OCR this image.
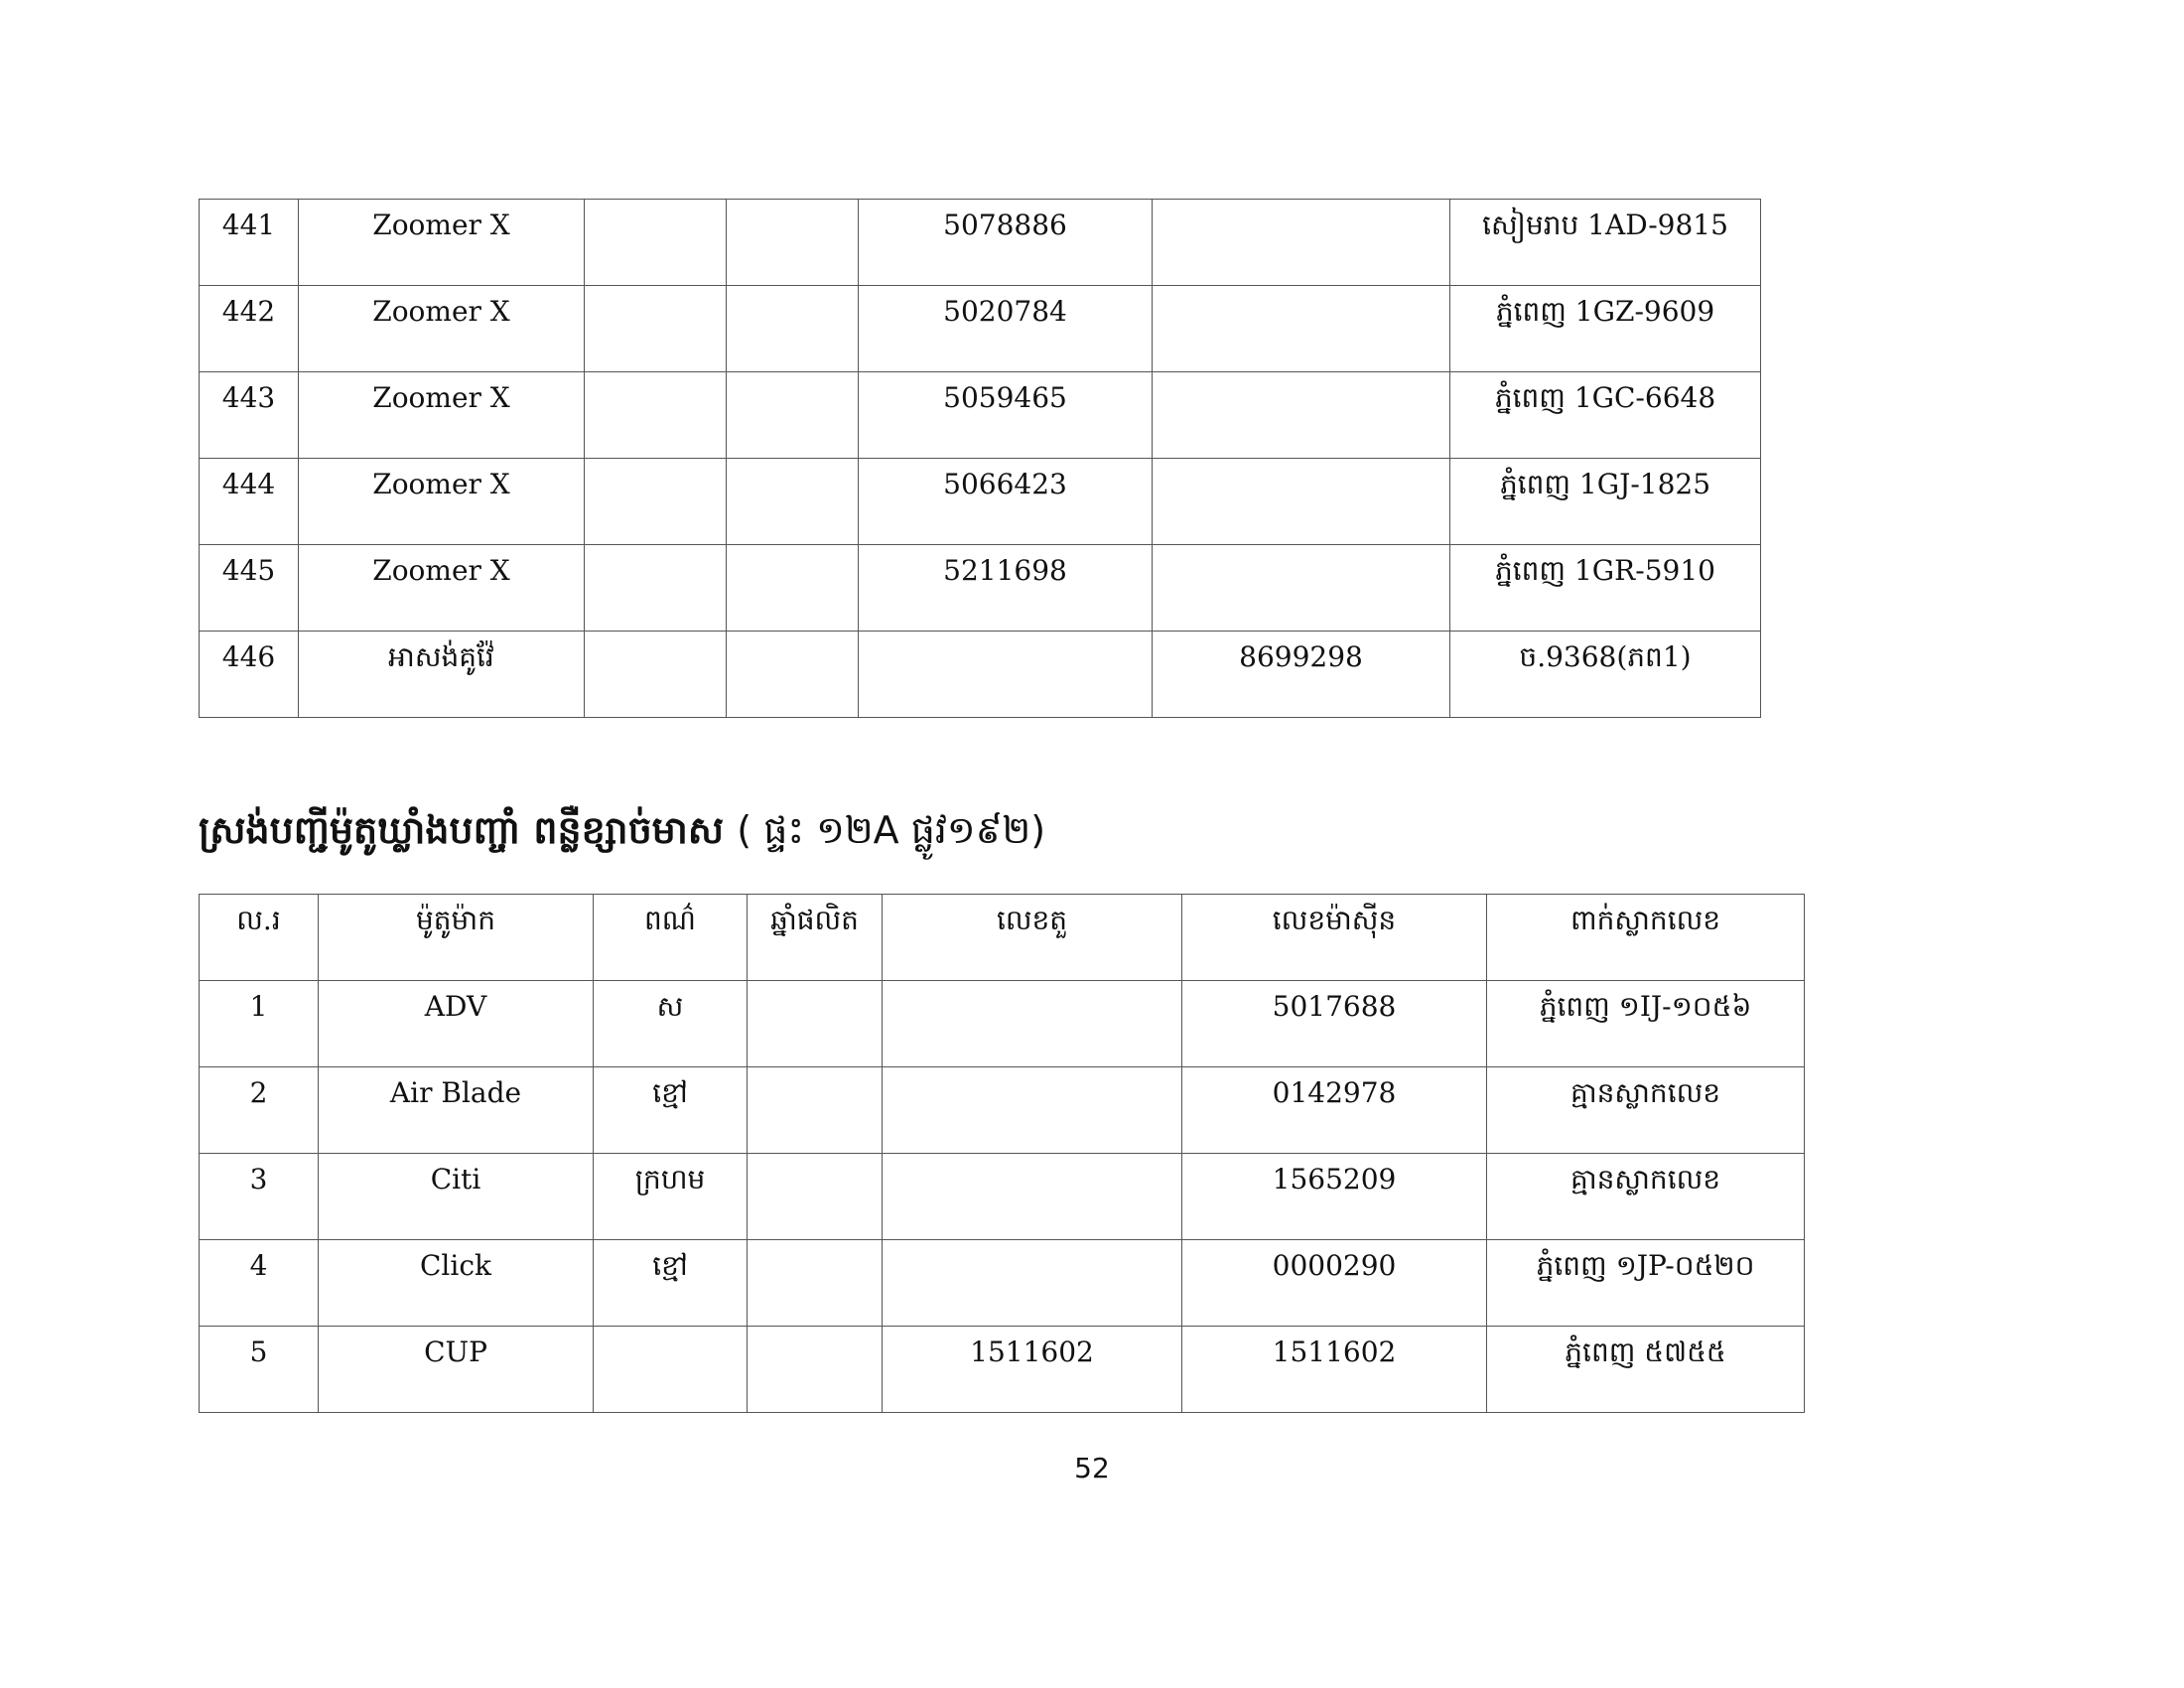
441	Zoomer X			5078886		សៀមរាប 1AD-9815

442	Zoomer X			5020784		ភ្នំពេញ 1GZ-9609

443	Zoomer X			5059465		ភ្នំពេញ 1GC-6648

444	Zoomer X			5066423		ភ្នំពេញ 1GJ-1825

445	Zoomer X			5211698		ភ្នំពេញ 1GR-5910

446	អាសង់គូវ៉ែ				8699298	ច.9368(ភព1)
ស្រង់បញ្ជីម៉ូតូឃ្លាំងបញ្ចាំ ពន្លឺខ្សាច់មាស ( ផ្ទះ ១២A ផ្លូវ១៩២)
ល.រ	ម៉ូតូម៉ាក	ពណ៌	ឆ្នាំផលិត	លេខតួ	លេខម៉ាស៊ីន	ពាក់ស្លាកលេខ

1	ADV	ស			5017688	ភ្នំពេញ ១IJ-១០៥៦

2	Air Blade	ខ្មៅ			0142978	គ្មានស្លាកលេខ

3	Citi	ក្រហម			1565209	គ្មានស្លាកលេខ

4	Click	ខ្មៅ			0000290	ភ្នំពេញ ១JP-០៥២០

5	CUP			1511602	1511602	ភ្នំពេញ ៥៧៥៥
52
